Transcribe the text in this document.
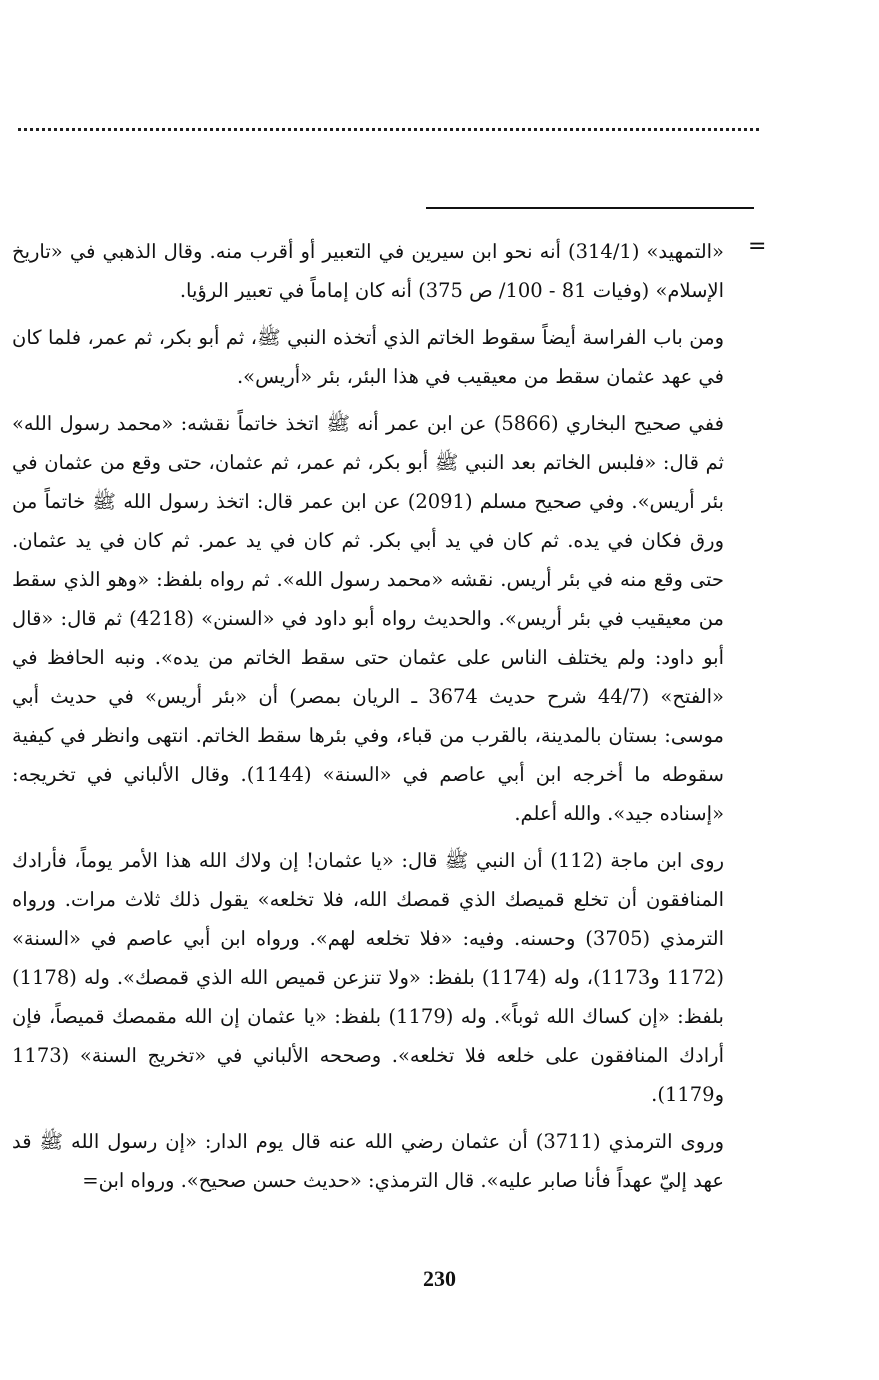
=

«التمهيد» (314/1) أنه نحو ابن سيرين في التعبير أو أقرب منه. وقال الذهبي في «تاريخ الإسلام» (وفيات 81 - 100/ ص 375) أنه كان إماماً في تعبير الرؤيا.

ومن باب الفراسة أيضاً سقوط الخاتم الذي أتخذه النبي ﷺ، ثم أبو بكر، ثم عمر، فلما كان في عهد عثمان سقط من معيقيب في هذا البئر، بئر «أريس».

ففي صحيح البخاري (5866) عن ابن عمر أنه ﷺ اتخذ خاتماً نقشه: «محمد رسول الله» ثم قال: «فلبس الخاتم بعد النبي ﷺ أبو بكر، ثم عمر، ثم عثمان، حتى وقع من عثمان في بئر أريس». وفي صحيح مسلم (2091) عن ابن عمر قال: اتخذ رسول الله ﷺ خاتماً من ورق فكان في يده. ثم كان في يد أبي بكر. ثم كان في يد عمر. ثم كان في يد عثمان. حتى وقع منه في بئر أريس. نقشه «محمد رسول الله». ثم رواه بلفظ: «وهو الذي سقط من معيقيب في بئر أريس». والحديث رواه أبو داود في «السنن» (4218) ثم قال: «قال أبو داود: ولم يختلف الناس على عثمان حتى سقط الخاتم من يده». ونبه الحافظ في «الفتح» (44/7 شرح حديث 3674 ـ الريان بمصر) أن «بئر أريس» في حديث أبي موسى: بستان بالمدينة، بالقرب من قباء، وفي بئرها سقط الخاتم. انتهى وانظر في كيفية سقوطه ما أخرجه ابن أبي عاصم في «السنة» (1144). وقال الألباني في تخريجه: «إسناده جيد». والله أعلم.

روى ابن ماجة (112) أن النبي ﷺ قال: «يا عثمان! إن ولاك الله هذا الأمر يوماً، فأرادك المنافقون أن تخلع قميصك الذي قمصك الله، فلا تخلعه» يقول ذلك ثلاث مرات. ورواه الترمذي (3705) وحسنه. وفيه: «فلا تخلعه لهم». ورواه ابن أبي عاصم في «السنة» (1172 و1173)، وله (1174) بلفظ: «ولا تنزعن قميص الله الذي قمصك». وله (1178) بلفظ: «إن كساك الله ثوباً». وله (1179) بلفظ: «يا عثمان إن الله مقمصك قميصاً، فإن أرادك المنافقون على خلعه فلا تخلعه». وصححه الألباني في «تخريج السنة» (1173 و1179).

وروى الترمذي (3711) أن عثمان رضي الله عنه قال يوم الدار: «إن رسول الله ﷺ قد عهد إليّ عهداً فأنا صابر عليه». قال الترمذي: «حديث حسن صحيح». ورواه ابن=

230
